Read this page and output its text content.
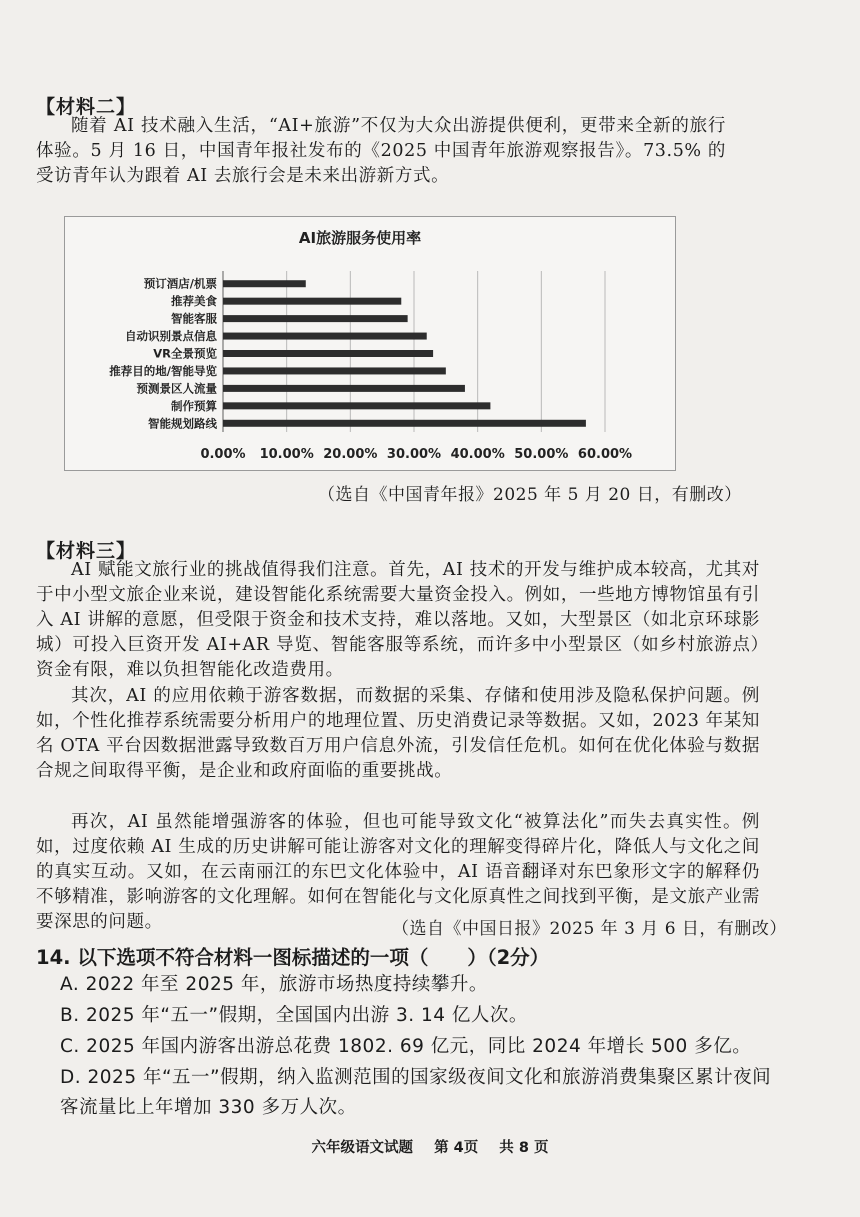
【材料二】
随着 AI 技术融入生活，“AI+旅游”不仅为大众出游提供便利，更带来全新的旅行体验。5 月 16 日，中国青年报社发布的《2025 中国青年旅游观察报告》。73.5% 的受访青年认为跟着 AI 去旅行会是未来出游新方式。
AI旅游服务使用率
预订酒店/机票
推荐美食
智能客服
自动识别景点信息
VR全景预览
推荐目的地/智能导览
预测景区人流量
制作预算
智能规划路线
0.00% 10.00% 20.00% 30.00% 40.00% 50.00% 60.00%
（选自《中国青年报》2025 年 5 月 20 日，有删改）
【材料三】
AI 赋能文旅行业的挑战值得我们注意。首先，AI 技术的开发与维护成本较高，尤其对于中小型文旅企业来说，建设智能化系统需要大量资金投入。例如，一些地方博物馆虽有引入 AI 讲解的意愿，但受限于资金和技术支持，难以落地。又如，大型景区（如北京环球影城）可投入巨资开发 AI+AR 导览、智能客服等系统，而许多中小型景区（如乡村旅游点）资金有限，难以负担智能化改造费用。
其次，AI 的应用依赖于游客数据，而数据的采集、存储和使用涉及隐私保护问题。例如，个性化推荐系统需要分析用户的地理位置、历史消费记录等数据。又如，2023 年某知名 OTA 平台因数据泄露导致数百万用户信息外流，引发信任危机。如何在优化体验与数据合规之间取得平衡，是企业和政府面临的重要挑战。
再次，AI 虽然能增强游客的体验，但也可能导致文化“被算法化”而失去真实性。例如，过度依赖 AI 生成的历史讲解可能让游客对文化的理解变得碎片化，降低人与文化之间的真实互动。又如，在云南丽江的东巴文化体验中，AI 语音翻译对东巴象形文字的解释仍不够精准，影响游客的文化理解。如何在智能化与文化原真性之间找到平衡，是文旅产业需要深思的问题。	（选自《中国日报》2025 年 3 月 6 日，有删改）
14. 以下选项不符合材料一图标描述的一项（　　）（2分）
A. 2022 年至 2025 年，旅游市场热度持续攀升。
B. 2025 年“五一”假期，全国国内出游 3. 14 亿人次。
C. 2025 年国内游客出游总花费 1802. 69 亿元，同比 2024 年增长 500 多亿。
D. 2025 年“五一”假期，纳入监测范围的国家级夜间文化和旅游消费集聚区累计夜间客流量比上年增加 330 多万人次。
六年级语文试题 第 4页 共 8 页
